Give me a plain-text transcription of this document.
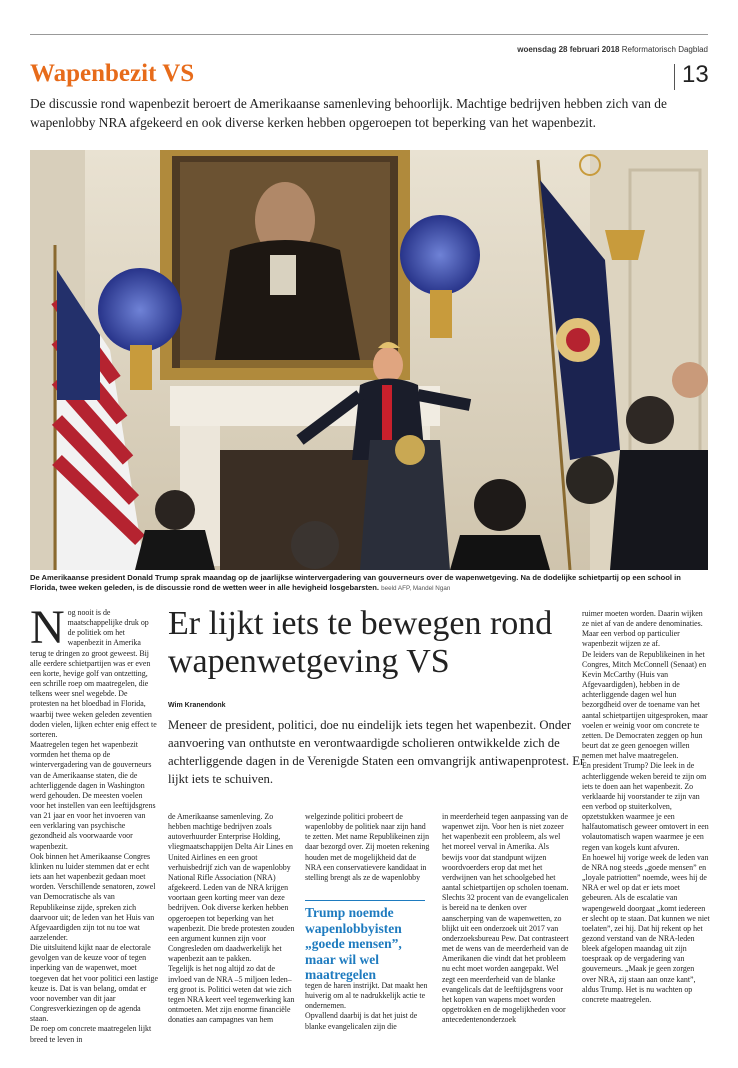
woensdag 28 februari 2018 Reformatorisch Dagblad
Wapenbezit VS	13
De discussie rond wapenbezit beroert de Amerikaanse samenleving behoorlijk. Machtige bedrijven hebben zich van de wapenlobby NRA afgekeerd en ook diverse kerken hebben opgeroepen tot beperking van het wapenbezit.
De Amerikaanse president Donald Trump sprak maandag op de jaarlijkse wintervergadering van gouverneurs over de wapenwetgeving. Na de dodelijke schietpartij op een school in Florida, twee weken geleden, is de discussie rond de wetten weer in alle hevigheid losgebarsten. beeld AFP, Mandel Ngan
Er lijkt iets te bewegen rond wapenwetgeving VS
Wim Kranendonk
Meneer de president, politici, doe nu eindelijk iets tegen het wapenbezit. Onder aanvoering van onthutste en verontwaardigde scholieren ontwikkelde zich de achterliggende dagen in de Verenigde Staten een omvangrijk antiwapenprotest. Er lijkt iets te schuiven.
N og nooit is de maatschappelijke druk op de politiek om het wapenbezit in Amerika terug te dringen zo groot geweest. Bij alle eerdere schietpartijen was er even een korte, hevige golf van ontzetting, een schrille roep om maatregelen, die telkens weer snel wegebde. De protesten na het bloedbad in Florida, waarbij twee weken geleden zeventien doden vielen, lijken echter enig effect te sorteren.

Maatregelen tegen het wapenbezit vormden het thema op de wintervergadering van de gouverneurs van de Amerikaanse staten, die de achterliggende dagen in Washington werd gehouden. De meesten voelen voor het instellen van een leeftijdsgrens van 21 jaar en voor het invoeren van een verklaring van psychische gezondheid als voorwaarde voor wapenbezit.

Ook binnen het Amerikaanse Congres klinken nu luider stemmen dat er echt iets aan het wapenbezit gedaan moet worden. Verschillende senatoren, zowel van Democratische als van Republikeinse zijde, spreken zich daarvoor uit; de leden van het Huis van Afgevaardigden zijn tot nu toe wat aarzelender.

Die uitsluitend kijkt naar de electorale gevolgen van de keuze voor of tegen inperking van de wapenwet, moet toegeven dat het voor politici een lastige keuze is. Dat is van belang, omdat er voor november van dit jaar Congresverkiezingen op de agenda staan.

De roep om concrete maatregelen lijkt breed te leven in

de Amerikaanse samenleving. Zo hebben machtige bedrijven zoals autoverhuurder Enterprise Holding, vliegmaatschappijen Delta Air Lines en United Airlines en een groot verhuisbedrijf zich van de wapenlobby National Rifle Association (NRA) afgekeerd. Leden van de NRA krijgen voortaan geen korting meer van deze bedrijven. Ook diverse kerken hebben opgeroepen tot beperking van het wapenbezit. Die brede protesten zouden een argument kunnen zijn voor Congresleden om daadwerkelijk het wapenbezit aan te pakken.

Tegelijk is het nog altijd zo dat de invloed van de NRA –5 miljoen leden– erg groot is. Politici weten dat wie zich tegen NRA keert veel tegenwerking kan ontmoeten. Met zijn enorme financiële donaties aan campagnes van hem

welgezinde politici probeert de wapenlobby de politiek naar zijn hand te zetten. Met name Republikeinen zijn daar bezorgd over. Zij moeten rekening houden met de mogelijkheid dat de NRA een conservatievere kandidaat in stelling brengt als ze de wapenlobby

Trump noemde wapenlobbyisten „goede mensen”, maar wil wel maatregelen

tegen de haren instrijkt. Dat maakt hen huiverig om al te nadrukkelijk actie te ondernemen.

Opvallend daarbij is dat het juist de blanke evangelicalen zijn die

in meerderheid tegen aanpassing van de wapenwet zijn. Voor hen is niet zozeer het wapenbezit een probleem, als wel het moreel verval in Amerika. Als bewijs voor dat standpunt wijzen woordvoerders erop dat met het verdwijnen van het schoolgebed het aantal schietpartijen op scholen toenam. Slechts 32 procent van de evangelicalen is bereid na te denken over aanscherping van de wapenwetten, zo blijkt uit een onderzoek uit 2017 van onderzoeksbureau Pew. Dat contrasteert met de wens van de meerderheid van de Amerikanen die vindt dat het probleem nu echt moet worden aangepakt. Wel zegt een meerderheid van de blanke evangelicals dat de leeftijdsgrens voor het kopen van wapens moet worden opgetrokken en de mogelijkheden voor antecedentenonderzoek

ruimer moeten worden. Daarin wijken ze niet af van de andere denominaties. Maar een verbod op particulier wapenbezit wijzen ze af.

De leiders van de Republikeinen in het Congres, Mitch McConnell (Senaat) en Kevin McCarthy (Huis van Afgevaardigden), hebben in de achterliggende dagen wel hun bezorgdheid over de toename van het aantal schietpartijen uitgesproken, maar voelen er weinig voor om concrete te zetten. De Democraten zeggen op hun beurt dat ze geen genoegen willen nemen met halve maatregelen.

En president Trump? Die leek in de achterliggende weken bereid te zijn om iets te doen aan het wapenbezit. Zo verklaarde hij voorstander te zijn van een verbod op stuiterkolven, opzetstukken waarmee je een halfautomatisch geweer omtovert in een volautomatisch wapen waarmee je een regen van kogels kunt afvuren.

En hoewel hij vorige week de leden van de NRA nog steeds „goede mensen” en „loyale patriotten” noemde, wees hij de NRA er wel op dat er iets moet gebeuren. Als de escalatie van wapengeweld doorgaat „komt iedereen er slecht op te staan. Dat kunnen we niet toelaten”, zei hij. Dat hij rekent op het gezond verstand van de NRA-leden bleek afgelopen maandag uit zijn toespraak op de vergadering van gouverneurs. „Maak je geen zorgen over NRA, zij staan aan onze kant”, aldus Trump. Het is nu wachten op concrete maatregelen.
